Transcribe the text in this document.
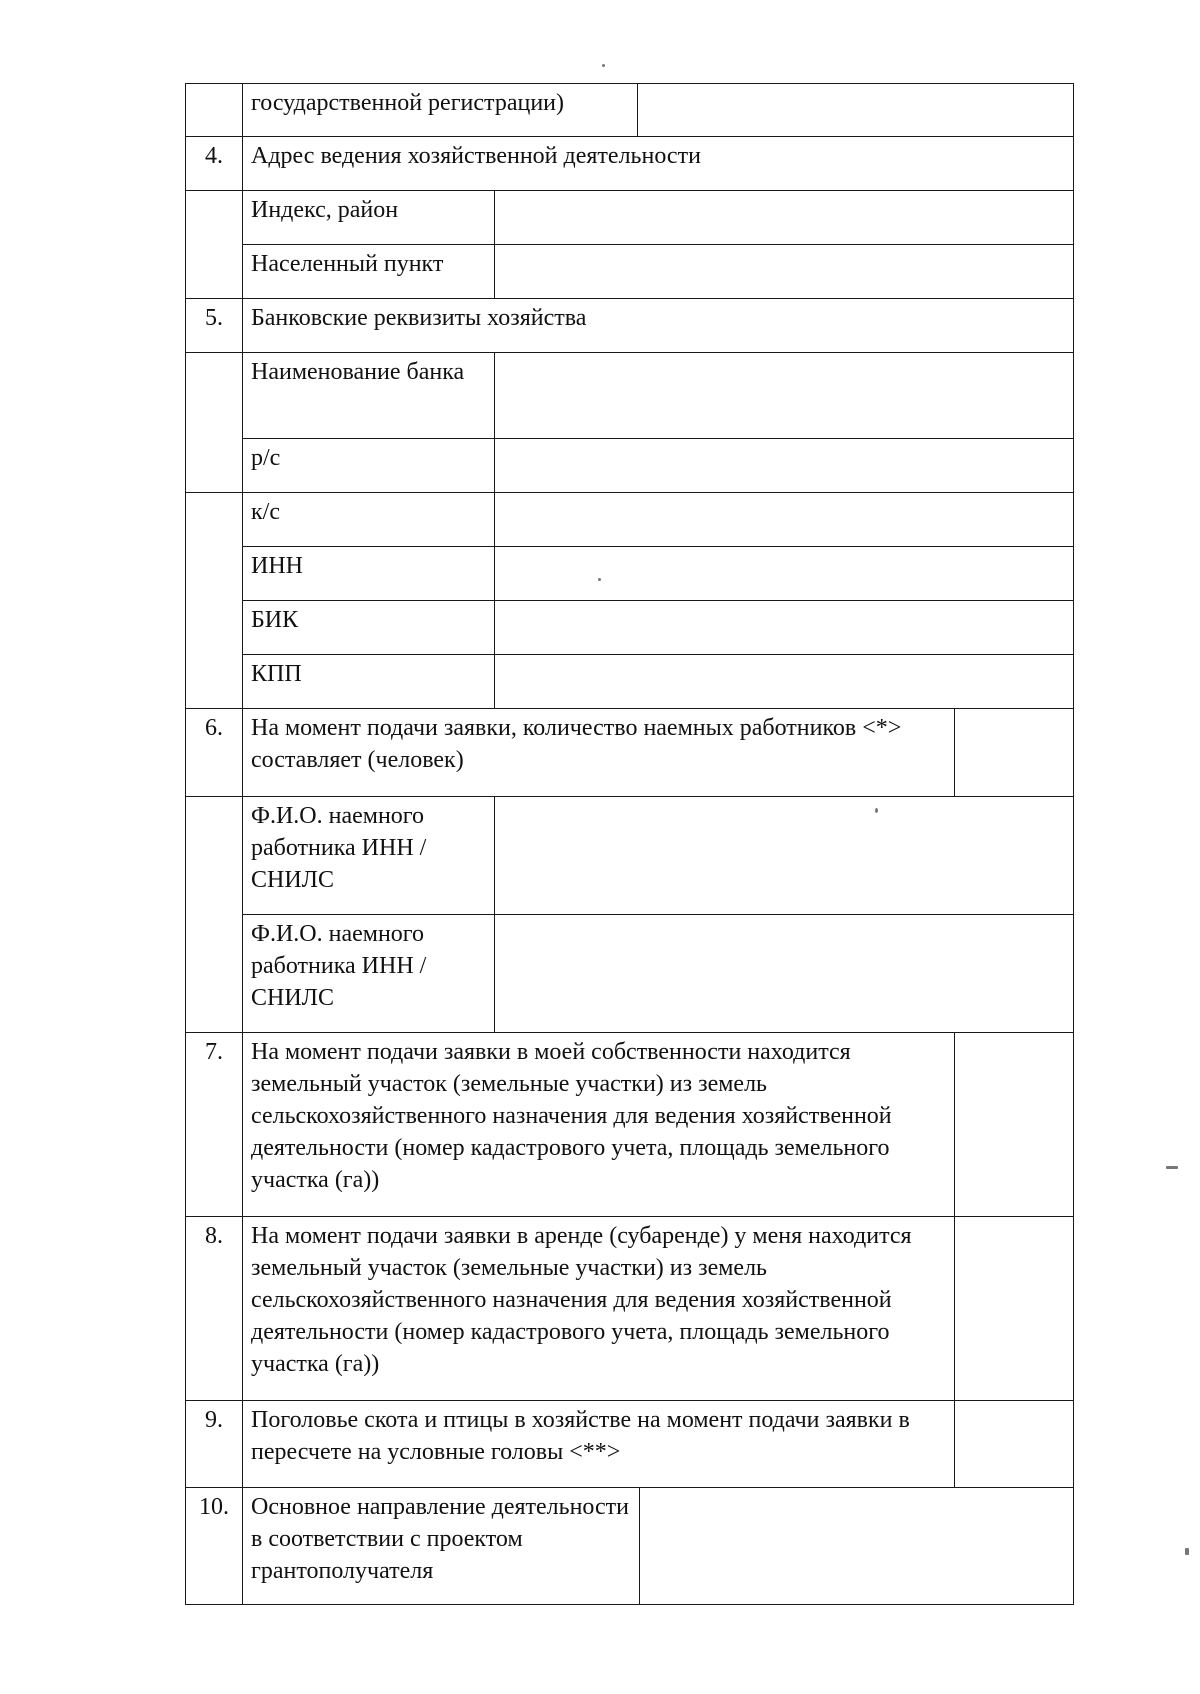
государственной регистрации)
4.	Адрес ведения хозяйственной деятельности
Индекс, район
Населенный пункт
5.	Банковские реквизиты хозяйства
Наименование банка
р/с
к/с
ИНН
БИК
КПП
6.	На момент подачи заявки, количество наемных работников <*> составляет (человек)
Ф.И.О. наемного работника ИНН / СНИЛС
Ф.И.О. наемного работника ИНН / СНИЛС
7.	На момент подачи заявки в моей собственности находится земельный участок (земельные участки) из земель сельскохозяйственного назначения для ведения хозяйственной деятельности (номер кадастрового учета, площадь земельного участка (га))
8.	На момент подачи заявки в аренде (субаренде) у меня находится земельный участок (земельные участки) из земель сельскохозяйственного назначения для ведения хозяйственной деятельности (номер кадастрового учета, площадь земельного участка (га))
9.	Поголовье скота и птицы в хозяйстве на момент подачи заявки в пересчете на условные головы <**>
10. Основное направление деятельности в соответствии с проектом грантополучателя
